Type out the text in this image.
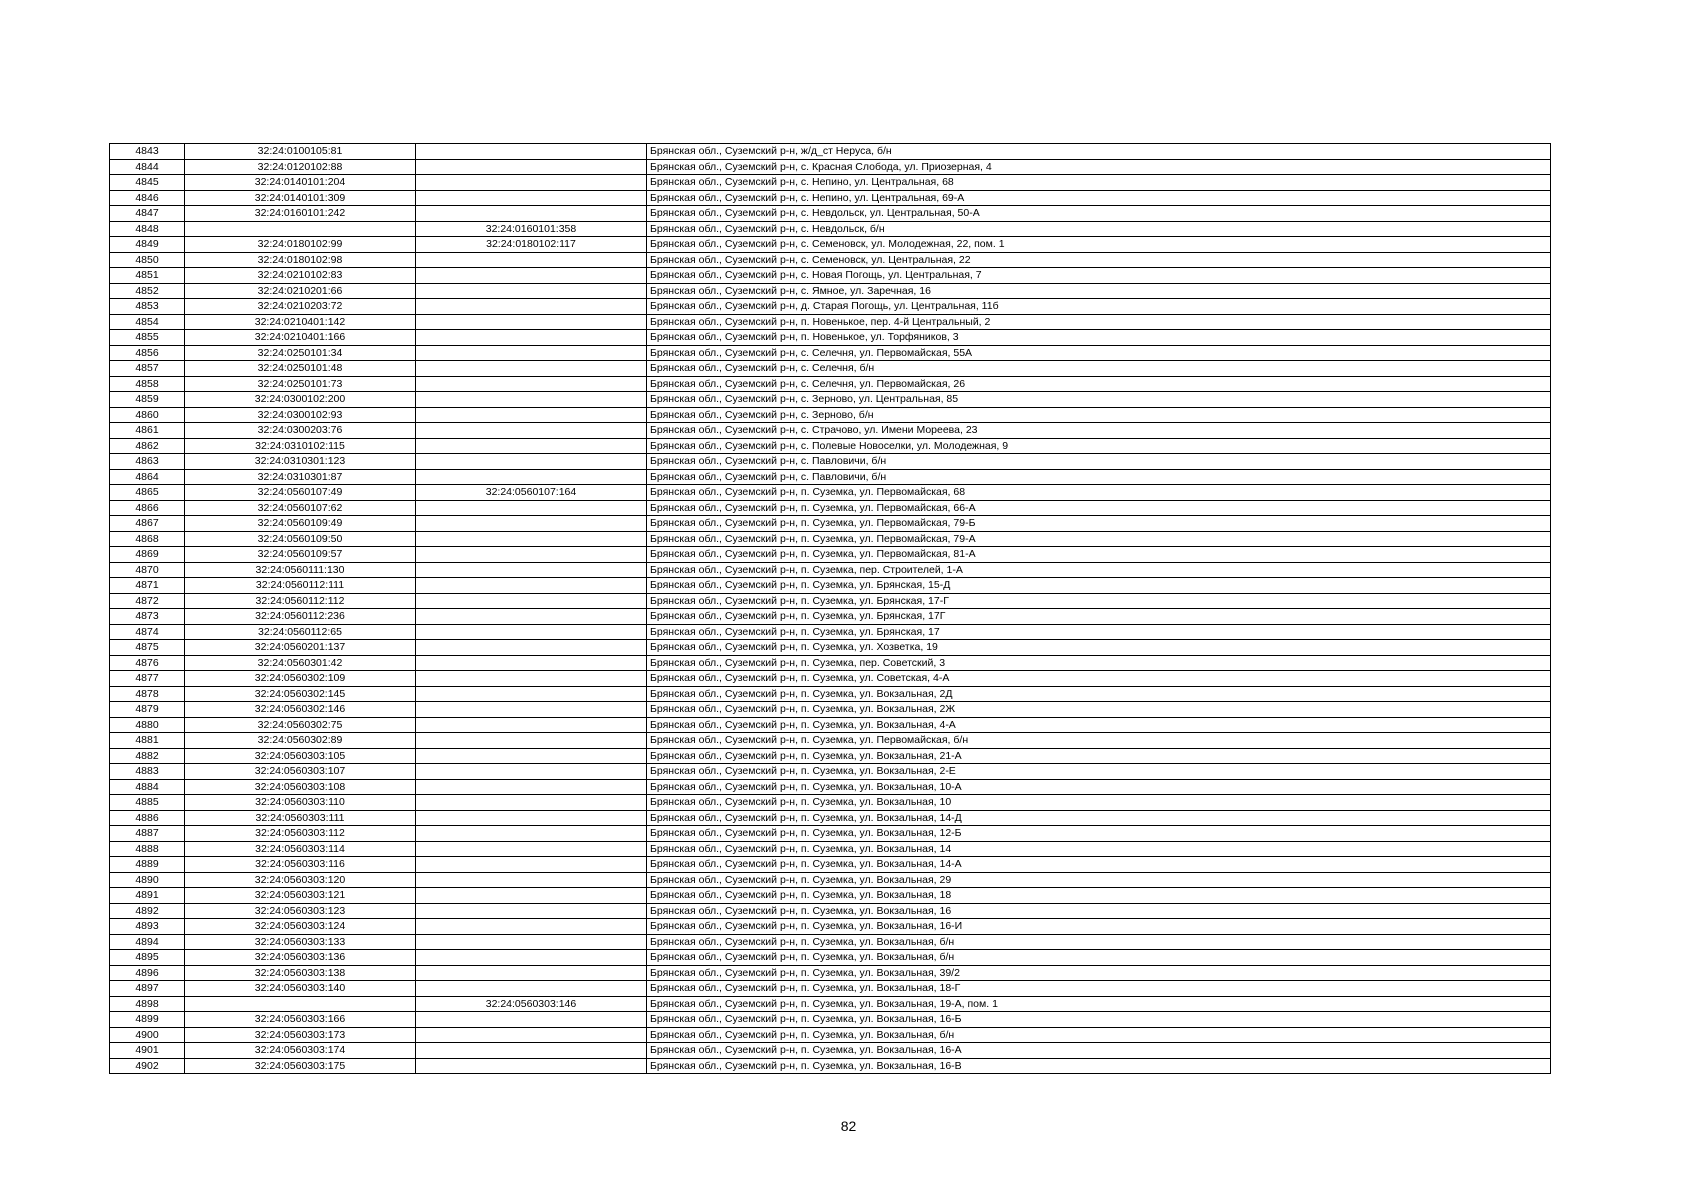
4843	32:24:0100105:81		Брянская обл., Суземский р-н, ж/д_ст Неруса, б/н
4844	32:24:0120102:88		Брянская обл., Суземский р-н, с. Красная Слобода, ул. Приозерная, 4
4845	32:24:0140101:204		Брянская обл., Суземский р-н, с. Непино, ул. Центральная, 68
4846	32:24:0140101:309		Брянская обл., Суземский р-н, с. Непино, ул. Центральная, 69-А
4847	32:24:0160101:242		Брянская обл., Суземский р-н, с. Невдольск, ул. Центральная, 50-А
4848		32:24:0160101:358	Брянская обл., Суземский р-н, с. Невдольск, б/н
4849	32:24:0180102:99	32:24:0180102:117	Брянская обл., Суземский р-н, с. Семеновск, ул. Молодежная, 22, пом. 1
4850	32:24:0180102:98		Брянская обл., Суземский р-н, с. Семеновск, ул. Центральная, 22
4851	32:24:0210102:83		Брянская обл., Суземский р-н, с. Новая Погощь, ул. Центральная, 7
4852	32:24:0210201:66		Брянская обл., Суземский р-н, с. Ямное, ул. Заречная, 16
4853	32:24:0210203:72		Брянская обл., Суземский р-н, д. Старая Погощь, ул. Центральная, 11б
4854	32:24:0210401:142		Брянская обл., Суземский р-н, п. Новенькое, пер. 4-й Центральный, 2
4855	32:24:0210401:166		Брянская обл., Суземский р-н, п. Новенькое, ул. Торфяников, 3
4856	32:24:0250101:34		Брянская обл., Суземский р-н, с. Селечня, ул. Первомайская, 55А
4857	32:24:0250101:48		Брянская обл., Суземский р-н, с. Селечня, б/н
4858	32:24:0250101:73		Брянская обл., Суземский р-н, с. Селечня, ул. Первомайская, 26
4859	32:24:0300102:200		Брянская обл., Суземский р-н, с. Зерново, ул. Центральная, 85
4860	32:24:0300102:93		Брянская обл., Суземский р-н, с. Зерново, б/н
4861	32:24:0300203:76		Брянская обл., Суземский р-н, с. Страчово, ул. Имени Мореева, 23
4862	32:24:0310102:115		Брянская обл., Суземский р-н, с. Полевые Новоселки, ул. Молодежная, 9
4863	32:24:0310301:123		Брянская обл., Суземский р-н, с. Павловичи, б/н
4864	32:24:0310301:87		Брянская обл., Суземский р-н, с. Павловичи, б/н
4865	32:24:0560107:49	32:24:0560107:164	Брянская обл., Суземский р-н, п. Суземка, ул. Первомайская, 68
4866	32:24:0560107:62		Брянская обл., Суземский р-н, п. Суземка, ул. Первомайская, 66-А
4867	32:24:0560109:49		Брянская обл., Суземский р-н, п. Суземка, ул. Первомайская, 79-Б
4868	32:24:0560109:50		Брянская обл., Суземский р-н, п. Суземка, ул. Первомайская, 79-А
4869	32:24:0560109:57		Брянская обл., Суземский р-н, п. Суземка, ул. Первомайская, 81-А
4870	32:24:0560111:130		Брянская обл., Суземский р-н, п. Суземка, пер. Строителей, 1-А
4871	32:24:0560112:111		Брянская обл., Суземский р-н, п. Суземка, ул. Брянская, 15-Д
4872	32:24:0560112:112		Брянская обл., Суземский р-н, п. Суземка, ул. Брянская, 17-Г
4873	32:24:0560112:236		Брянская обл., Суземский р-н, п. Суземка, ул. Брянская, 17Г
4874	32:24:0560112:65		Брянская обл., Суземский р-н, п. Суземка, ул. Брянская, 17
4875	32:24:0560201:137		Брянская обл., Суземский р-н, п. Суземка, ул. Хозветка, 19
4876	32:24:0560301:42		Брянская обл., Суземский р-н, п. Суземка, пер. Советский, 3
4877	32:24:0560302:109		Брянская обл., Суземский р-н, п. Суземка, ул. Советская, 4-А
4878	32:24:0560302:145		Брянская обл., Суземский р-н, п. Суземка, ул. Вокзальная, 2Д
4879	32:24:0560302:146		Брянская обл., Суземский р-н, п. Суземка, ул. Вокзальная, 2Ж
4880	32:24:0560302:75		Брянская обл., Суземский р-н, п. Суземка, ул. Вокзальная, 4-А
4881	32:24:0560302:89		Брянская обл., Суземский р-н, п. Суземка, ул. Первомайская, б/н
4882	32:24:0560303:105		Брянская обл., Суземский р-н, п. Суземка, ул. Вокзальная, 21-А
4883	32:24:0560303:107		Брянская обл., Суземский р-н, п. Суземка, ул. Вокзальная, 2-Е
4884	32:24:0560303:108		Брянская обл., Суземский р-н, п. Суземка, ул. Вокзальная, 10-А
4885	32:24:0560303:110		Брянская обл., Суземский р-н, п. Суземка, ул. Вокзальная, 10
4886	32:24:0560303:111		Брянская обл., Суземский р-н, п. Суземка, ул. Вокзальная, 14-Д
4887	32:24:0560303:112		Брянская обл., Суземский р-н, п. Суземка, ул. Вокзальная, 12-Б
4888	32:24:0560303:114		Брянская обл., Суземский р-н, п. Суземка, ул. Вокзальная, 14
4889	32:24:0560303:116		Брянская обл., Суземский р-н, п. Суземка, ул. Вокзальная, 14-А
4890	32:24:0560303:120		Брянская обл., Суземский р-н, п. Суземка, ул. Вокзальная, 29
4891	32:24:0560303:121		Брянская обл., Суземский р-н, п. Суземка, ул. Вокзальная, 18
4892	32:24:0560303:123		Брянская обл., Суземский р-н, п. Суземка, ул. Вокзальная, 16
4893	32:24:0560303:124		Брянская обл., Суземский р-н, п. Суземка, ул. Вокзальная, 16-И
4894	32:24:0560303:133		Брянская обл., Суземский р-н, п. Суземка, ул. Вокзальная, б/н
4895	32:24:0560303:136		Брянская обл., Суземский р-н, п. Суземка, ул. Вокзальная, б/н
4896	32:24:0560303:138		Брянская обл., Суземский р-н, п. Суземка, ул. Вокзальная, 39/2
4897	32:24:0560303:140		Брянская обл., Суземский р-н, п. Суземка, ул. Вокзальная, 18-Г
4898		32:24:0560303:146	Брянская обл., Суземский р-н, п. Суземка, ул. Вокзальная, 19-А, пом. 1
4899	32:24:0560303:166		Брянская обл., Суземский р-н, п. Суземка, ул. Вокзальная, 16-Б
4900	32:24:0560303:173		Брянская обл., Суземский р-н, п. Суземка, ул. Вокзальная, б/н
4901	32:24:0560303:174		Брянская обл., Суземский р-н, п. Суземка, ул. Вокзальная, 16-А
4902	32:24:0560303:175		Брянская обл., Суземский р-н, п. Суземка, ул. Вокзальная, 16-В
82
